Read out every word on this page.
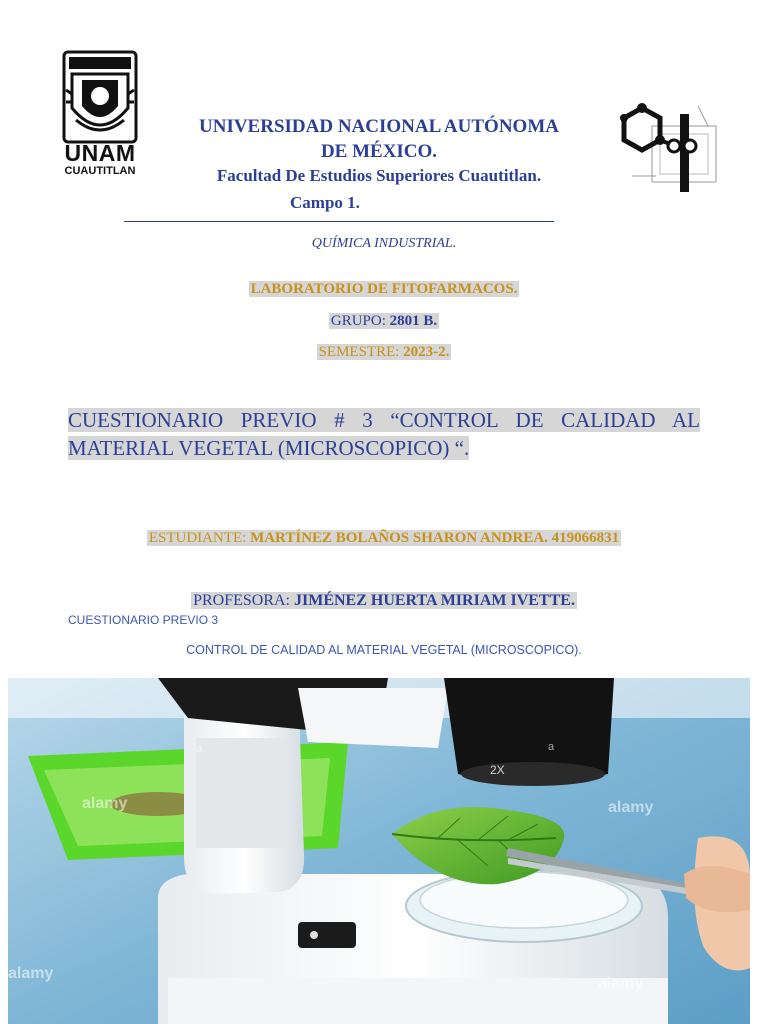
UNAM
CUAUTITLAN
UNIVERSIDAD NACIONAL AUTÓNOMA
DE MÉXICO.
Facultad De Estudios Superiores Cuautitlan.
Campo 1.
QUÍMICA INDUSTRIAL.
LABORATORIO DE FITOFARMACOS.
GRUPO: 2801 B.
SEMESTRE: 2023-2.
CUESTIONARIO PREVIO # 3 “CONTROL DE CALIDAD AL MATERIAL VEGETAL (MICROSCOPICO) “.
ESTUDIANTE: MARTÍNEZ BOLAÑOS SHARON ANDREA. 419066831
PROFESORA: JIMÉNEZ HUERTA MIRIAM IVETTE.
CUESTIONARIO PREVIO 3
CONTROL DE CALIDAD AL MATERIAL VEGETAL (MICROSCOPICO).
alamy	alamy
alamy
alamy
a	a
2X
